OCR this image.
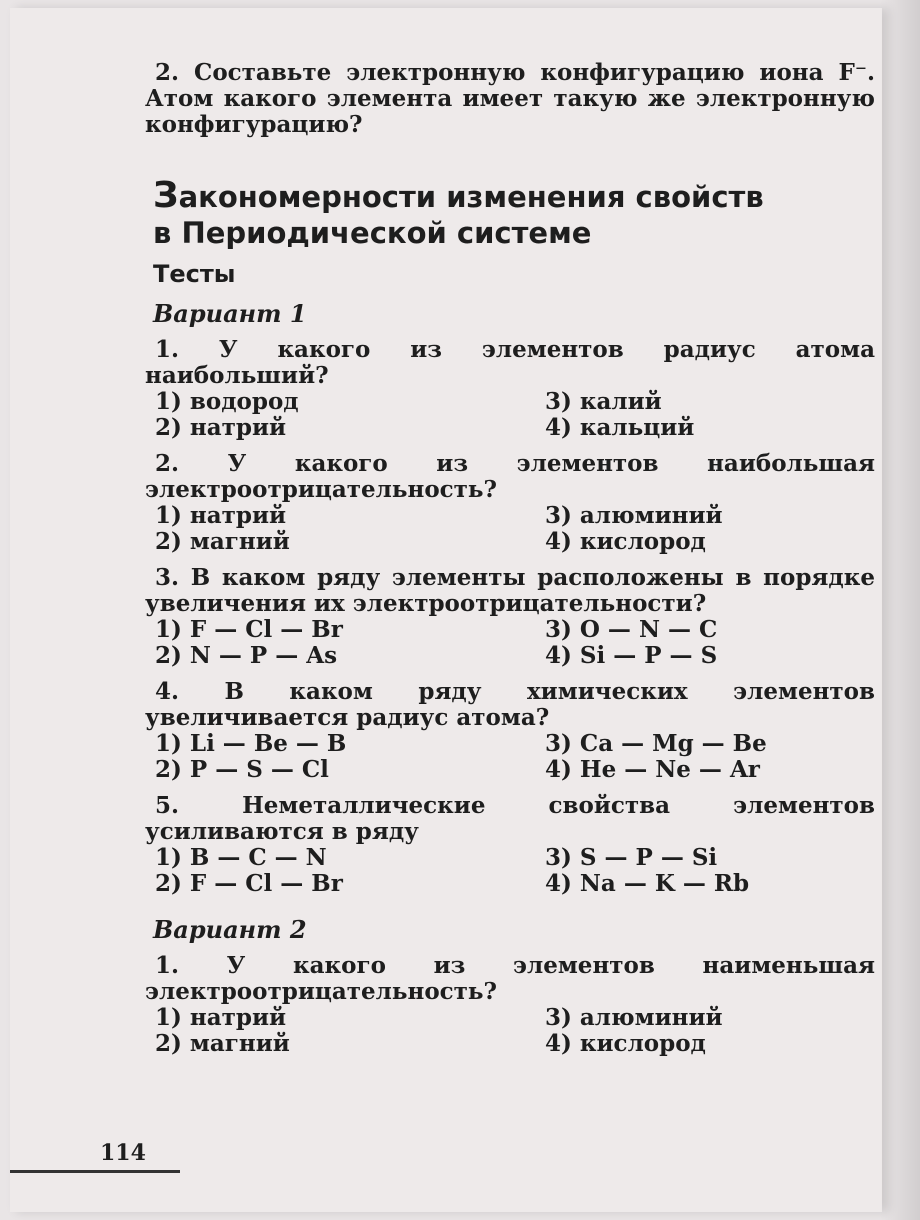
2. Составьте электронную конфигурацию иона F⁻. Атом какого элемента имеет такую же электронную конфигурацию?

Закономерности изменения свойств
в Периодической системе
Тесты
Вариант 1
1. У какого из элементов радиус атома наибольший?
1) водород	3) калий
2) натрий	4) кальций
2. У какого из элементов наибольшая электроотрицательность?
1) натрий	3) алюминий
2) магний	4) кислород
3. В каком ряду элементы расположены в порядке увеличения их электроотрицательности?
1) F — Cl — Br	3) O — N — C
2) N — P — As	4) Si — P — S
4. В каком ряду химических элементов увеличивается радиус атома?
1) Li — Be — B	3) Ca — Mg — Be
2) P — S — Cl	4) He — Ne — Ar
5. Неметаллические свойства элементов усиливаются в ряду
1) B — C — N	3) S — P — Si
2) F — Cl — Br	4) Na — K — Rb
Вариант 2
1. У какого из элементов наименьшая электроотрицательность?
1) натрий	3) алюминий
2) магний	4) кислород
114
